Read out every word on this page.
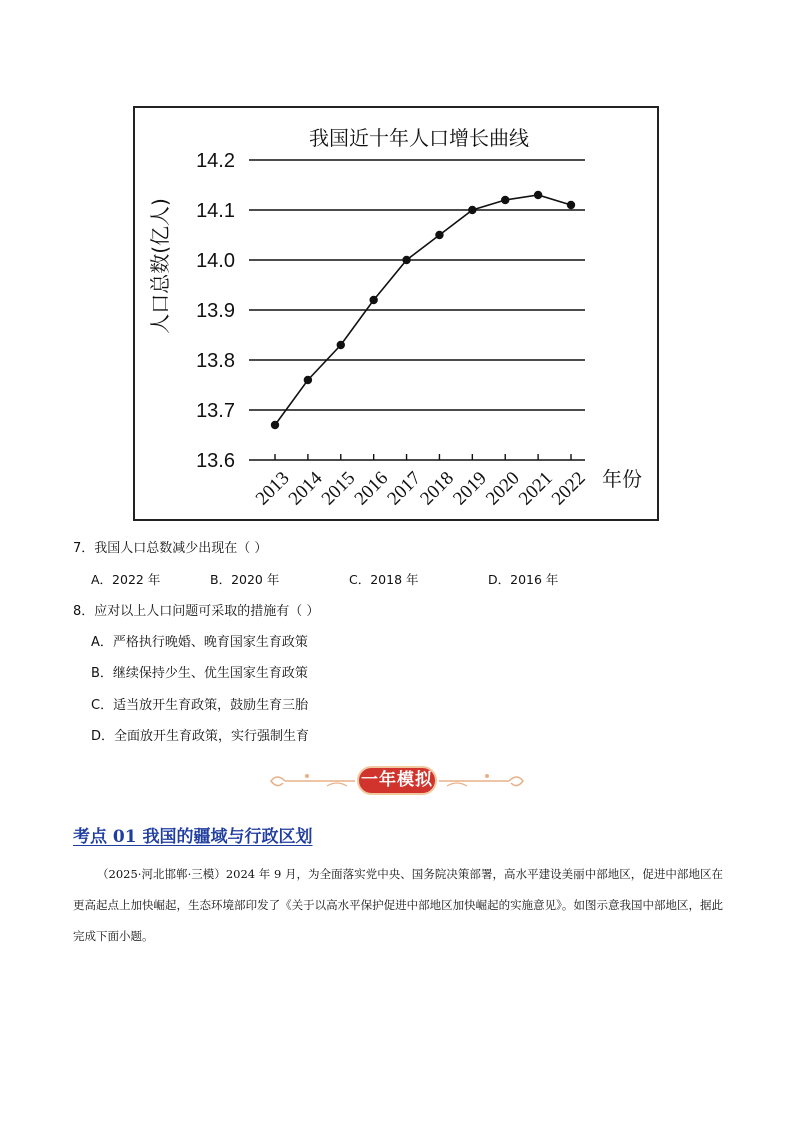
我国近十年人口增长曲线
13.6
13.7
13.8
13.9
14.0
14.1
14.2
2013
2014
2015
2016
2017
2018
2019
2020
2021
2022
人口总数(亿人)
年份
7．我国人口总数减少出现在（ ）
A．2022 年	B．2020 年	C．2018 年	D．2016 年
8．应对以上人口问题可采取的措施有（ ）
A．严格执行晚婚、晚育国家生育政策
B．继续保持少生、优生国家生育政策
C．适当放开生育政策，鼓励生育三胎
D．全面放开生育政策，实行强制生育
一年模拟
考点 01 我国的疆域与行政区划
（2025·河北邯郸·三模）2024 年 9 月，为全面落实党中央、国务院决策部署，高水平建设美丽中部地区，促进中部地区在更高起点上加快崛起，生态环境部印发了《关于以高水平保护促进中部地区加快崛起的实施意见》。如图示意我国中部地区，据此完成下面小题。
